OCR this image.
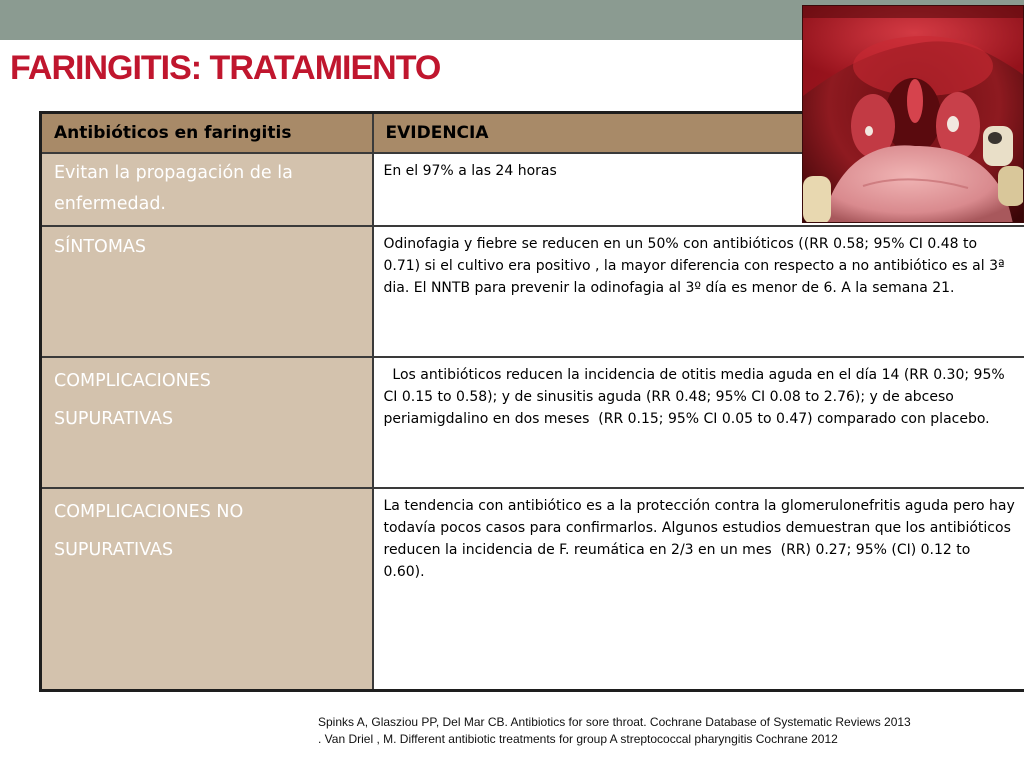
FARINGITIS: TRATAMIENTO
Antibióticos en faringitis	EVIDENCIA

Evitan la propagación de la
enfermedad.	En el 97% a las 24 horas

SÍNTOMAS	Odinofagia y fiebre se reducen en un 50% con antibióticos ((RR 0.58; 95% CI 0.48 to 0.71) si el cultivo era positivo , la mayor diferencia con respecto a no antibiótico es al 3ª dia. El NNTB para prevenir la odinofagia al 3º día es menor de 6. A la semana 21.

COMPLICACIONES
SUPURATIVAS	Los antibióticos reducen la incidencia de otitis media aguda en el día 14 (RR 0.30; 95% CI 0.15 to 0.58); y de sinusitis aguda (RR 0.48; 95% CI 0.08 to 2.76); y de abceso periamigdalino en dos meses  (RR 0.15; 95% CI 0.05 to 0.47) comparado con placebo.

COMPLICACIONES NO
SUPURATIVAS	La tendencia con antibiótico es a la protección contra la glomerulonefritis aguda pero hay todavía pocos casos para confirmarlos. Algunos estudios demuestran que los antibióticos reducen la incidencia de F. reumática en 2/3 en un mes  (RR) 0.27; 95% (CI) 0.12 to 0.60).
Spinks A, Glasziou PP, Del Mar CB. Antibiotics for sore throat. Cochrane Database of Systematic Reviews 2013
. Van Driel , M. Different antibiotic treatments for group A streptococcal pharyngitis Cochrane 2012
